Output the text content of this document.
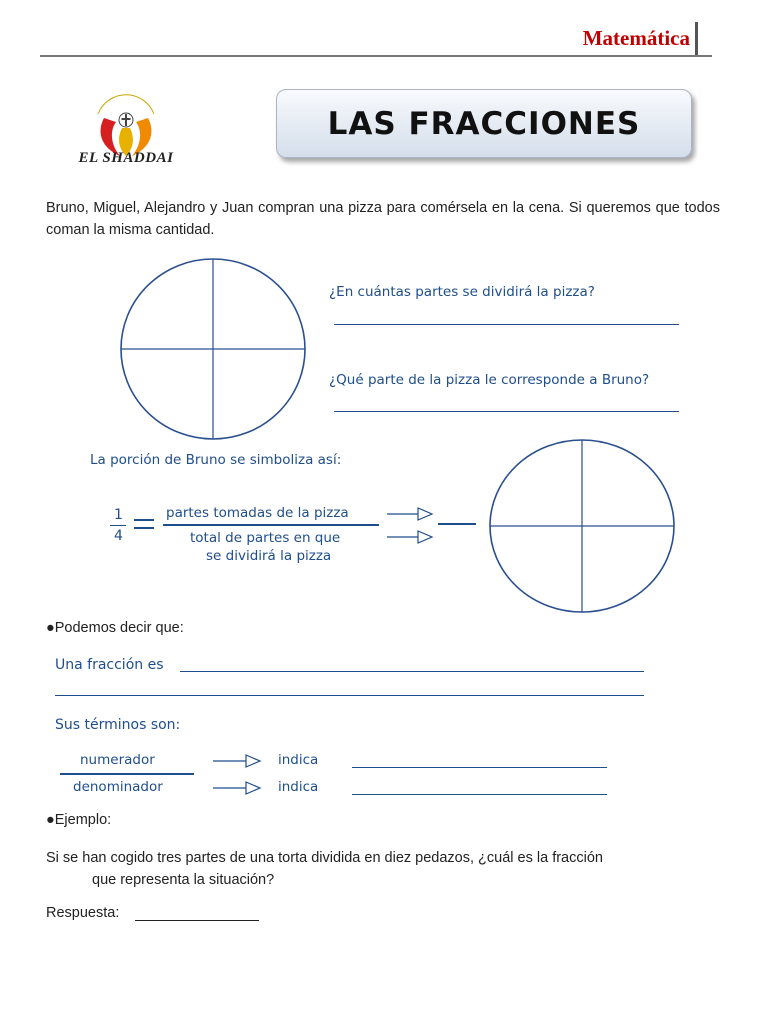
Matemática
EL SHADDAI
LAS FRACCIONES
Bruno, Miguel, Alejandro y Juan compran una pizza para comérsela en la cena. Si queremos que todos coman la misma cantidad.
¿En cuántas partes se dividirá la pizza?
¿Qué parte de la pizza le corresponde a Bruno?
La porción de Bruno se simboliza así:
1
4
partes tomadas de la pizza
total de partes en que
se dividirá la pizza
●Podemos decir que:
Una fracción es
Sus términos son:
numerador
denominador
indica
indica
●Ejemplo:
Si se han cogido tres partes de una torta dividida en diez pedazos, ¿cuál es la fracción
que representa la situación?
Respuesta:
